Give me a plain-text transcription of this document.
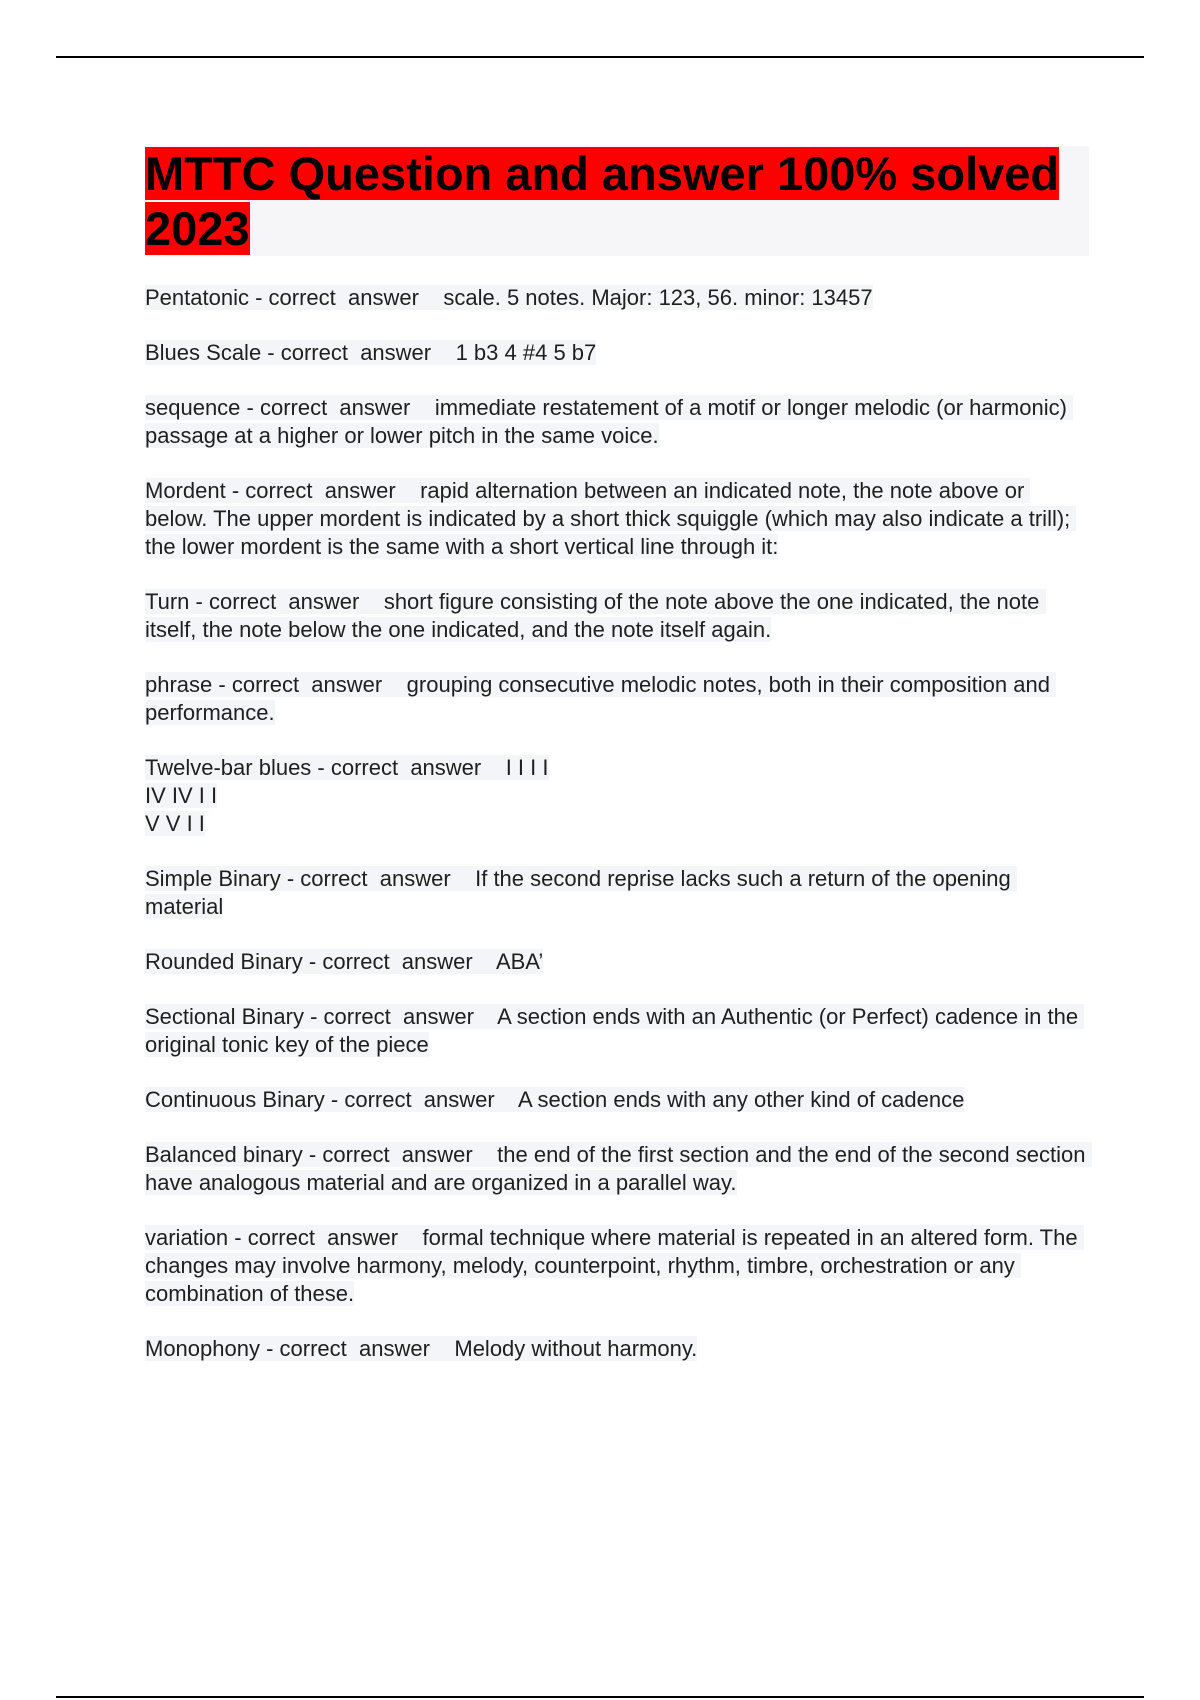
MTTC Question and answer 100% solved 2023

Pentatonic - correct  answer    scale. 5 notes. Major: 123, 56. minor: 13457

Blues Scale - correct  answer    1 b3 4 #4 5 b7

sequence - correct  answer    immediate restatement of a motif or longer melodic (or harmonic) passage at a higher or lower pitch in the same voice.

Mordent - correct  answer    rapid alternation between an indicated note, the note above or below. The upper mordent is indicated by a short thick squiggle (which may also indicate a trill); the lower mordent is the same with a short vertical line through it:

Turn - correct  answer    short figure consisting of the note above the one indicated, the note itself, the note below the one indicated, and the note itself again.

phrase - correct  answer    grouping consecutive melodic notes, both in their composition and performance.

Twelve-bar blues - correct  answer    I I I I
IV IV I I
V V I I

Simple Binary - correct  answer    If the second reprise lacks such a return of the opening material

Rounded Binary - correct  answer    ABA’

Sectional Binary - correct  answer    A section ends with an Authentic (or Perfect) cadence in the original tonic key of the piece

Continuous Binary - correct  answer    A section ends with any other kind of cadence

Balanced binary - correct  answer    the end of the first section and the end of the second section have analogous material and are organized in a parallel way.

variation - correct  answer    formal technique where material is repeated in an altered form. The changes may involve harmony, melody, counterpoint, rhythm, timbre, orchestration or any combination of these.

Monophony - correct  answer    Melody without harmony.
